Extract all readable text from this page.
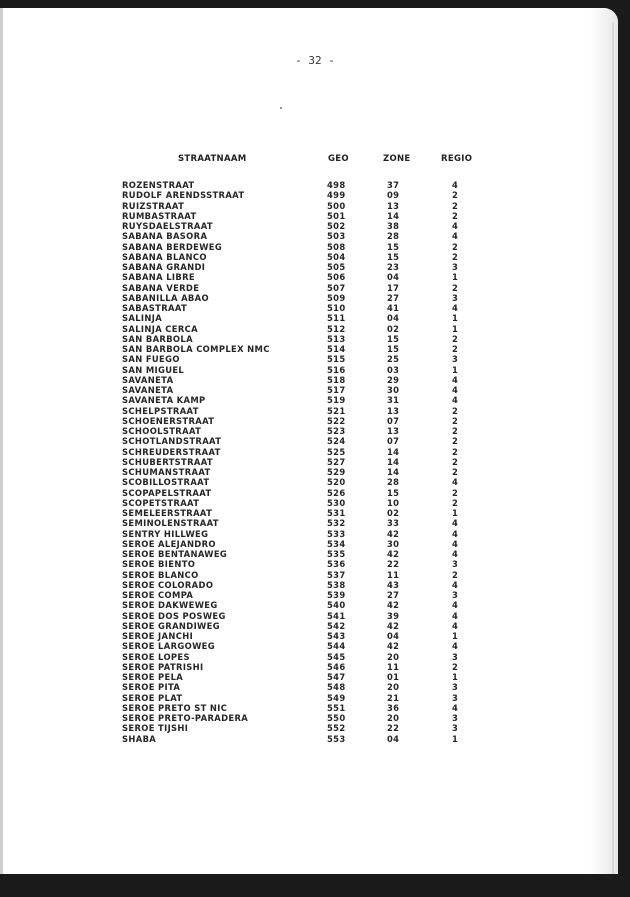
- 32 -
STRAATNAAM	GEO	ZONE	REGIO
ROZENSTRAAT	498	37	4
RUDOLF ARENDSSTRAAT	499	09	2
RUIZSTRAAT	500	13	2
RUMBASTRAAT	501	14	2
RUYSDAELSTRAAT	502	38	4
SABANA BASORA	503	28	4
SABANA BERDEWEG	508	15	2
SABANA BLANCO	504	15	2
SABANA GRANDI	505	23	3
SABANA LIBRE	506	04	1
SABANA VERDE	507	17	2
SABANILLA ABAO	509	27	3
SABASTRAAT	510	41	4
SALINJA	511	04	1
SALINJA CERCA	512	02	1
SAN BARBOLA	513	15	2
SAN BARBOLA COMPLEX NMC	514	15	2
SAN FUEGO	515	25	3
SAN MIGUEL	516	03	1
SAVANETA	518	29	4
SAVANETA	517	30	4
SAVANETA KAMP	519	31	4
SCHELPSTRAAT	521	13	2
SCHOENERSTRAAT	522	07	2
SCHOOLSTRAAT	523	13	2
SCHOTLANDSTRAAT	524	07	2
SCHREUDERSTRAAT	525	14	2
SCHUBERTSTRAAT	527	14	2
SCHUMANSTRAAT	529	14	2
SCOBILLOSTRAAT	520	28	4
SCOPAPELSTRAAT	526	15	2
SCOPETSTRAAT	530	10	2
SEMELEERSTRAAT	531	02	1
SEMINOLENSTRAAT	532	33	4
SENTRY HILLWEG	533	42	4
SEROE ALEJANDRO	534	30	4
SEROE BENTANAWEG	535	42	4
SEROE BIENTO	536	22	3
SEROE BLANCO	537	11	2
SEROE COLORADO	538	43	4
SEROE COMPA	539	27	3
SEROE DAKWEWEG	540	42	4
SEROE DOS POSWEG	541	39	4
SEROE GRANDIWEG	542	42	4
SEROE JANCHI	543	04	1
SEROE LARGOWEG	544	42	4
SEROE LOPES	545	20	3
SEROE PATRISHI	546	11	2
SEROE PELA	547	01	1
SEROE PITA	548	20	3
SEROE PLAT	549	21	3
SEROE PRETO ST NIC	551	36	4
SEROE PRETO-PARADERA	550	20	3
SEROE TIJSHI	552	22	3
SHABA	553	04	1
